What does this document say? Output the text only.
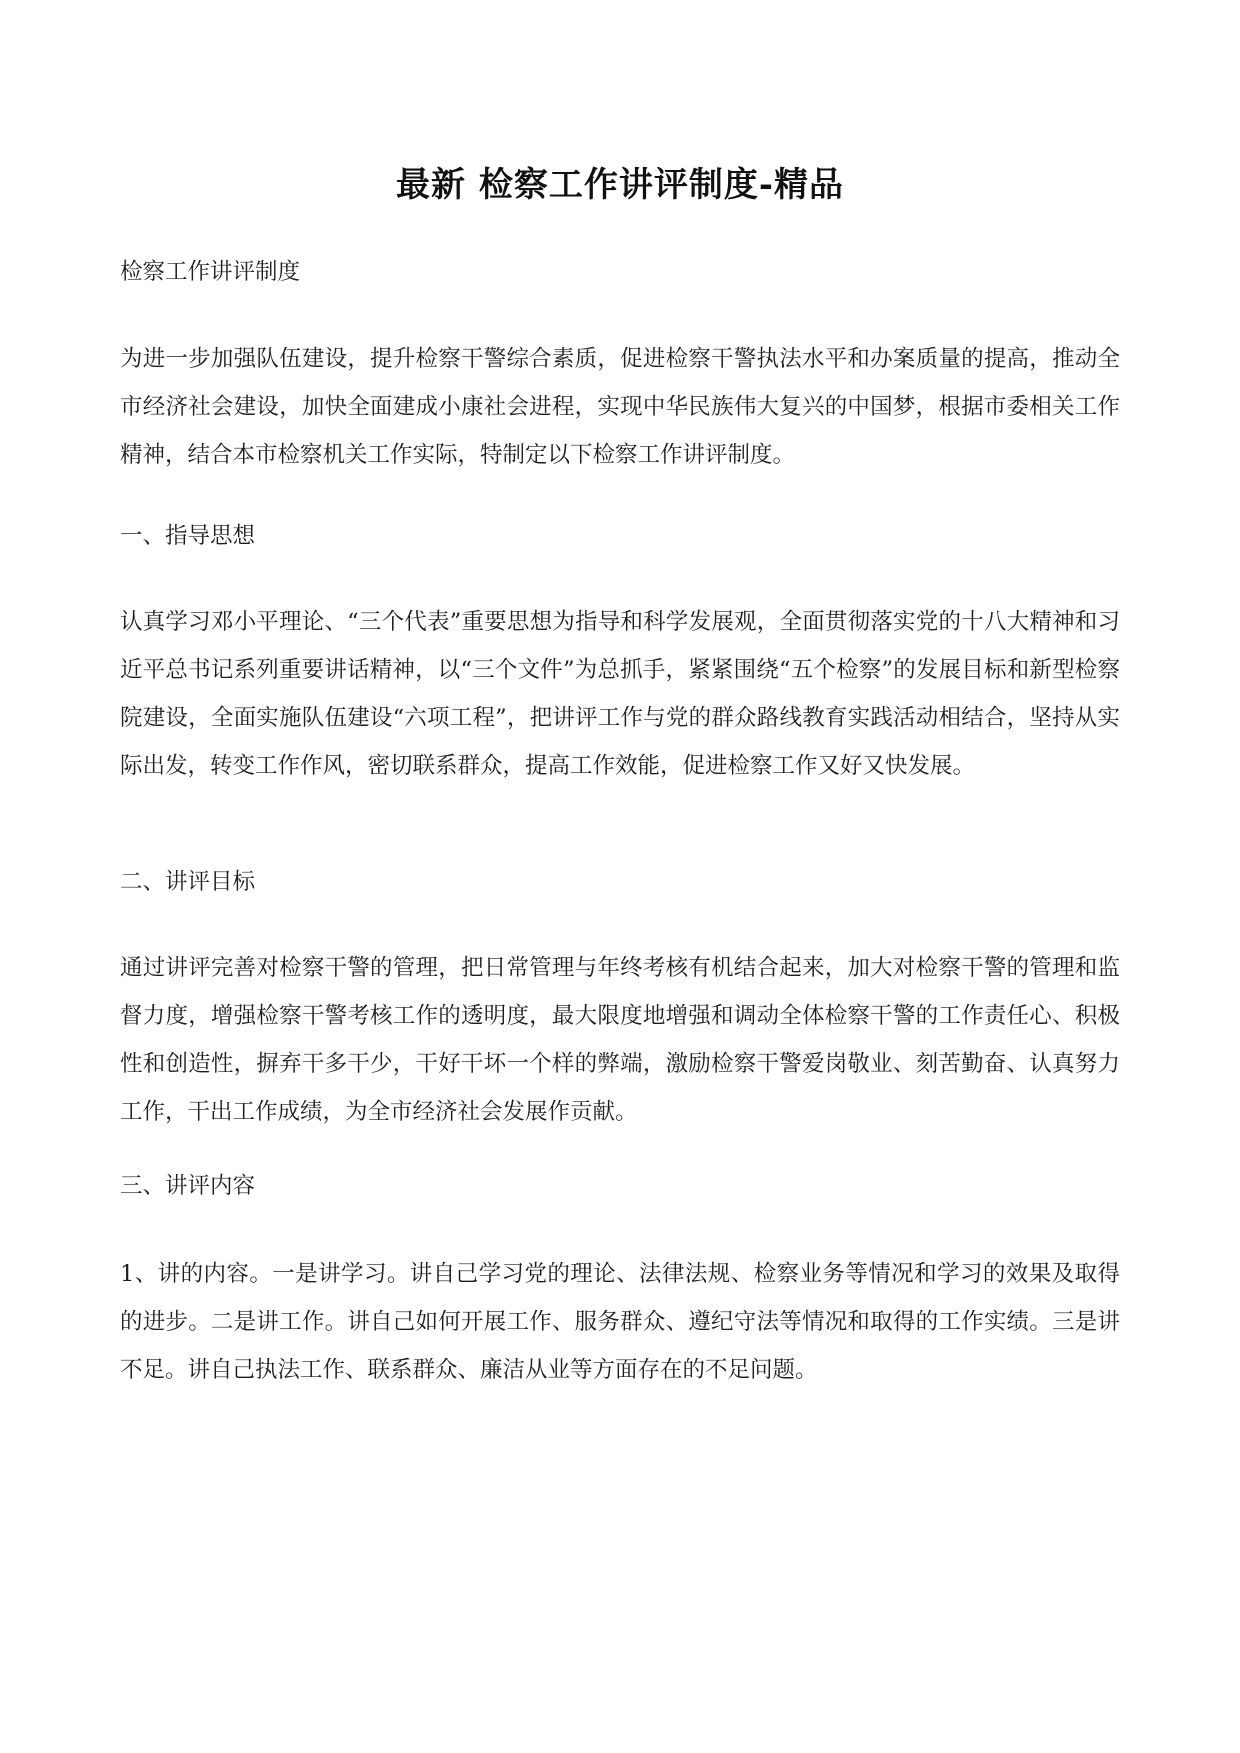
最新 检察工作讲评制度-精品
检察工作讲评制度
为进一步加强队伍建设，提升检察干警综合素质，促进检察干警执法水平和办案质量的提高，推动全市经济社会建设，加快全面建成小康社会进程，实现中华民族伟大复兴的中国梦，根据市委相关工作精神，结合本市检察机关工作实际，特制定以下检察工作讲评制度。
一、指导思想
认真学习邓小平理论、“三个代表”重要思想为指导和科学发展观，全面贯彻落实党的十八大精神和习近平总书记系列重要讲话精神，以“三个文件”为总抓手，紧紧围绕“五个检察”的发展目标和新型检察院建设，全面实施队伍建设“六项工程”，把讲评工作与党的群众路线教育实践活动相结合，坚持从实际出发，转变工作作风，密切联系群众，提高工作效能，促进检察工作又好又快发展。
二、讲评目标
通过讲评完善对检察干警的管理，把日常管理与年终考核有机结合起来，加大对检察干警的管理和监督力度，增强检察干警考核工作的透明度，最大限度地增强和调动全体检察干警的工作责任心、积极性和创造性，摒弃干多干少，干好干坏一个样的弊端，激励检察干警爱岗敬业、刻苦勤奋、认真努力工作，干出工作成绩，为全市经济社会发展作贡献。
三、讲评内容
1、讲的内容。一是讲学习。讲自己学习党的理论、法律法规、检察业务等情况和学习的效果及取得的进步。二是讲工作。讲自己如何开展工作、服务群众、遵纪守法等情况和取得的工作实绩。三是讲不足。讲自己执法工作、联系群众、廉洁从业等方面存在的不足问题。
